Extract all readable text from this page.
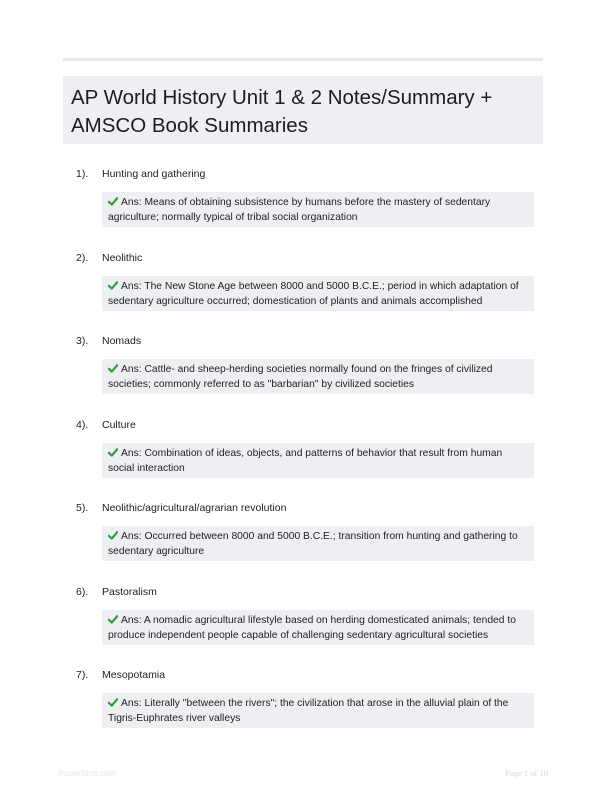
AP World History Unit 1 & 2 Notes/Summary + AMSCO Book Summaries
1). Hunting and gathering
Ans: Means of obtaining subsistence by humans before the mastery of sedentary agriculture; normally typical of tribal social organization
2). Neolithic
Ans: The New Stone Age between 8000 and 5000 B.C.E.; period in which adaptation of sedentary agriculture occurred; domestication of plants and animals accomplished
3). Nomads
Ans: Cattle- and sheep-herding societies normally found on the fringes of civilized societies; commonly referred to as "barbarian" by civilized societies
4). Culture
Ans: Combination of ideas, objects, and patterns of behavior that result from human social interaction
5). Neolithic/agricultural/agrarian revolution
Ans: Occurred between 8000 and 5000 B.C.E.; transition from hunting and gathering to sedentary agriculture
6). Pastoralism
Ans: A nomadic agricultural lifestyle based on herding domesticated animals; tended to produce independent people capable of challenging sedentary agricultural societies
7). Mesopotamia
Ans: Literally "between the rivers"; the civilization that arose in the alluvial plain of the Tigris-Euphrates river valleys
PaperStrip.com	Page 1 of 10
